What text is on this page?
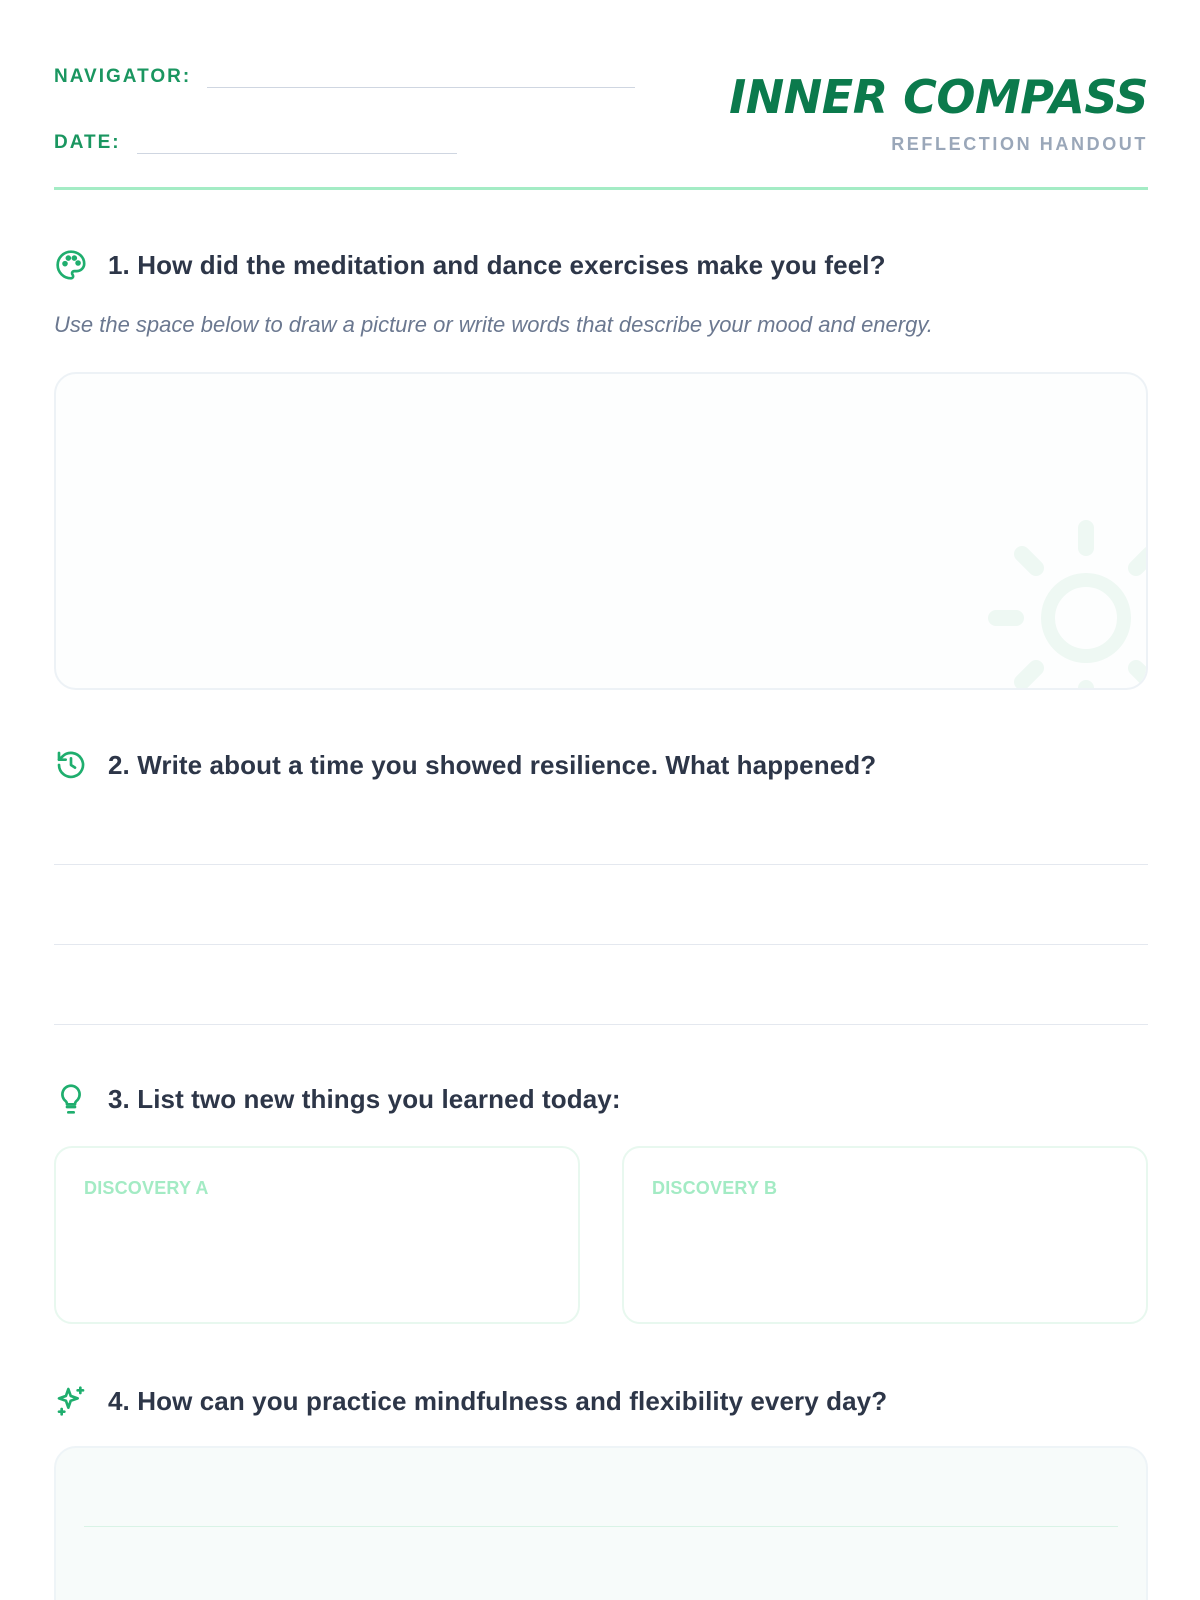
NAVIGATOR:
DATE:
INNER COMPASS
REFLECTION HANDOUT
1. How did the meditation and dance exercises make you feel?
Use the space below to draw a picture or write words that describe your mood and energy.
2. Write about a time you showed resilience. What happened?
3. List two new things you learned today:
DISCOVERY A	DISCOVERY B
4. How can you practice mindfulness and flexibility every day?
